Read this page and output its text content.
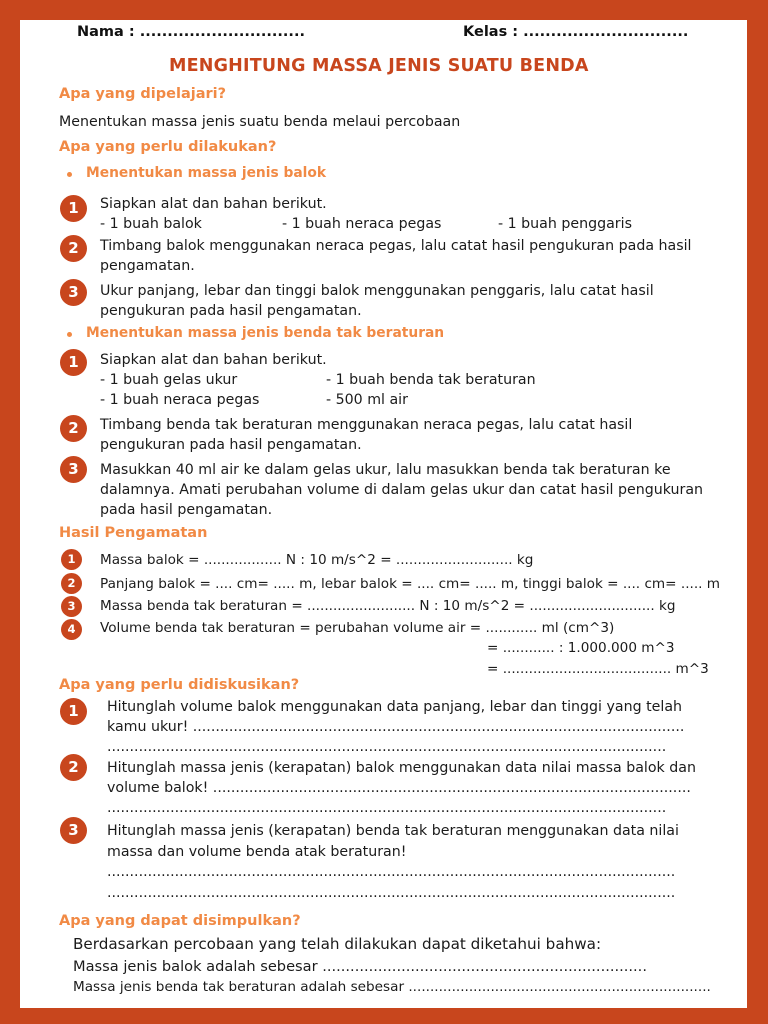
Nama : ..............................	Kelas : ..............................
MENGHITUNG MASSA JENIS SUATU BENDA
Apa yang dipelajari?
Menentukan massa jenis suatu benda melaui percobaan
Apa yang perlu dilakukan?
Menentukan massa jenis balok
1	Siapkan alat dan bahan berikut.
- 1 buah balok	- 1 buah neraca pegas	- 1 buah penggaris
2	Timbang balok menggunakan neraca pegas, lalu catat hasil pengukuran pada hasil
pengamatan.
3	Ukur panjang, lebar dan tinggi balok menggunakan penggaris, lalu catat hasil
pengukuran pada hasil pengamatan.
Menentukan massa jenis benda tak beraturan
1	Siapkan alat dan bahan berikut.
- 1 buah gelas ukur	- 1 buah benda tak beraturan
- 1 buah neraca pegas	- 500 ml air
2	Timbang benda tak beraturan menggunakan neraca pegas, lalu catat hasil
pengukuran pada hasil pengamatan.
3	Masukkan 40 ml air ke dalam gelas ukur, lalu masukkan benda tak beraturan ke
dalamnya. Amati perubahan volume di dalam gelas ukur dan catat hasil pengukuran
pada hasil pengamatan.
Hasil Pengamatan
1	Massa balok = .................. N : 10 m/s^2 = ........................... kg
2	Panjang balok = .... cm= ..... m, lebar balok = .... cm= ..... m, tinggi balok = .... cm= ..... m
3	Massa benda tak beraturan = ......................... N : 10 m/s^2 = ............................. kg
4	Volume benda tak beraturan = perubahan volume air = ............ ml (cm^3)
= ............ : 1.000.000 m^3
= ....................................... m^3
Apa yang perlu didiskusikan?
1	Hitunglah volume balok menggunakan data panjang, lebar dan tinggi yang telah
kamu ukur! .............................................................................................................
............................................................................................................................
2	Hitunglah massa jenis (kerapatan) balok menggunakan data nilai massa balok dan
volume balok! ..........................................................................................................
............................................................................................................................
3	Hitunglah massa jenis (kerapatan) benda tak beraturan menggunakan data nilai
massa dan volume benda atak beraturan!
..............................................................................................................................
..............................................................................................................................
Apa yang dapat disimpulkan?
Berdasarkan percobaan yang telah dilakukan dapat diketahui bahwa:
Massa jenis balok adalah sebesar ......................................................................
Massa jenis benda tak beraturan adalah sebesar ......................................................................
